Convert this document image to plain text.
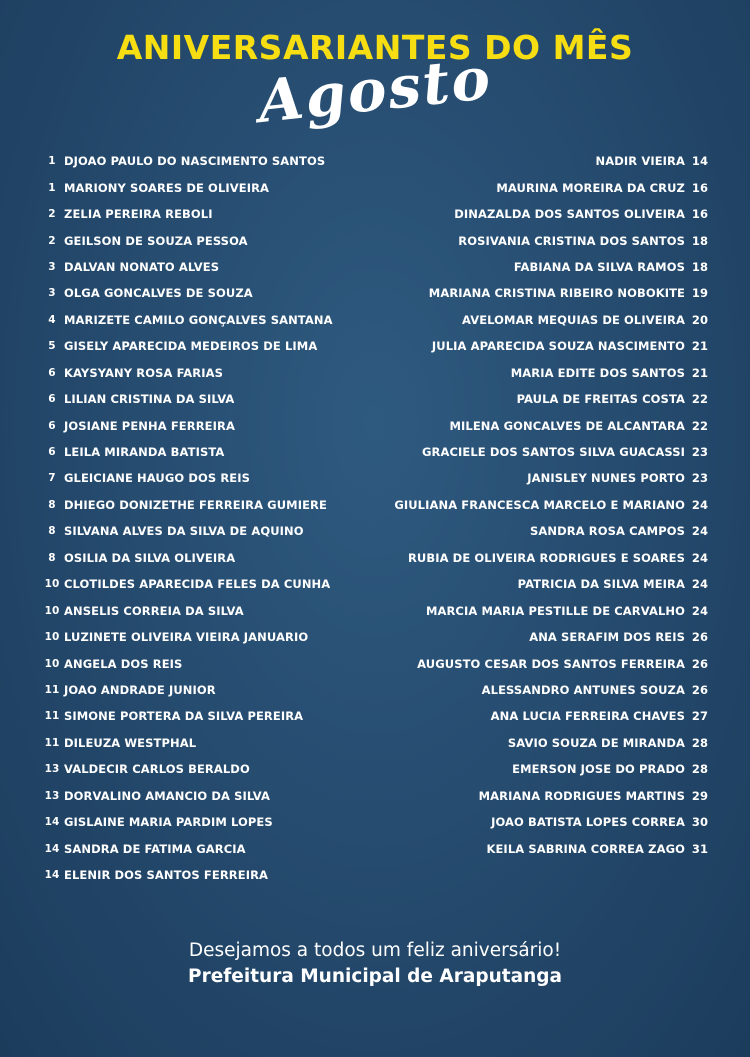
ANIVERSARIANTES DO MÊS
Agosto
1 DJOAO PAULO DO NASCIMENTO SANTOS
1 MARIONY SOARES DE OLIVEIRA
2 ZELIA PEREIRA REBOLI
2 GEILSON DE SOUZA PESSOA
3 DALVAN NONATO ALVES
3 OLGA GONCALVES DE SOUZA
4 MARIZETE CAMILO GONÇALVES SANTANA
5 GISELY APARECIDA MEDEIROS DE LIMA
6 KAYSYANY ROSA FARIAS
6 LILIAN CRISTINA DA SILVA
6 JOSIANE PENHA FERREIRA
6 LEILA MIRANDA BATISTA
7 GLEICIANE HAUGO DOS REIS
8 DHIEGO DONIZETHE FERREIRA GUMIERE
8 SILVANA ALVES DA SILVA DE AQUINO
8 OSILIA DA SILVA OLIVEIRA
10 CLOTILDES APARECIDA FELES DA CUNHA
10 ANSELIS CORREIA DA SILVA
10 LUZINETE OLIVEIRA VIEIRA JANUARIO
10 ANGELA DOS REIS
11 JOAO ANDRADE JUNIOR
11 SIMONE PORTERA DA SILVA PEREIRA
11 DILEUZA WESTPHAL
13 VALDECIR CARLOS BERALDO
13 DORVALINO AMANCIO DA SILVA
14 GISLAINE MARIA PARDIM LOPES
14 SANDRA DE FATIMA GARCIA
14 ELENIR DOS SANTOS FERREIRA
NADIR VIEIRA 14
MAURINA MOREIRA DA CRUZ 16
DINAZALDA DOS SANTOS OLIVEIRA 16
ROSIVANIA CRISTINA DOS SANTOS 18
FABIANA DA SILVA RAMOS 18
MARIANA CRISTINA RIBEIRO NOBOKITE 19
AVELOMAR MEQUIAS DE OLIVEIRA 20
JULIA APARECIDA SOUZA NASCIMENTO 21
MARIA EDITE DOS SANTOS 21
PAULA DE FREITAS COSTA 22
MILENA GONCALVES DE ALCANTARA 22
GRACIELE DOS SANTOS SILVA GUACASSI 23
JANISLEY NUNES PORTO 23
GIULIANA FRANCESCA MARCELO E MARIANO 24
SANDRA ROSA CAMPOS 24
RUBIA DE OLIVEIRA RODRIGUES E SOARES 24
PATRICIA DA SILVA MEIRA 24
MARCIA MARIA PESTILLE DE CARVALHO 24
ANA SERAFIM DOS REIS 26
AUGUSTO CESAR DOS SANTOS FERREIRA 26
ALESSANDRO ANTUNES SOUZA 26
ANA LUCIA FERREIRA CHAVES 27
SAVIO SOUZA DE MIRANDA 28
EMERSON JOSE DO PRADO 28
MARIANA RODRIGUES MARTINS 29
JOAO BATISTA LOPES CORREA 30
KEILA SABRINA CORREA ZAGO 31
Desejamos a todos um feliz aniversário!
Prefeitura Municipal de Araputanga
